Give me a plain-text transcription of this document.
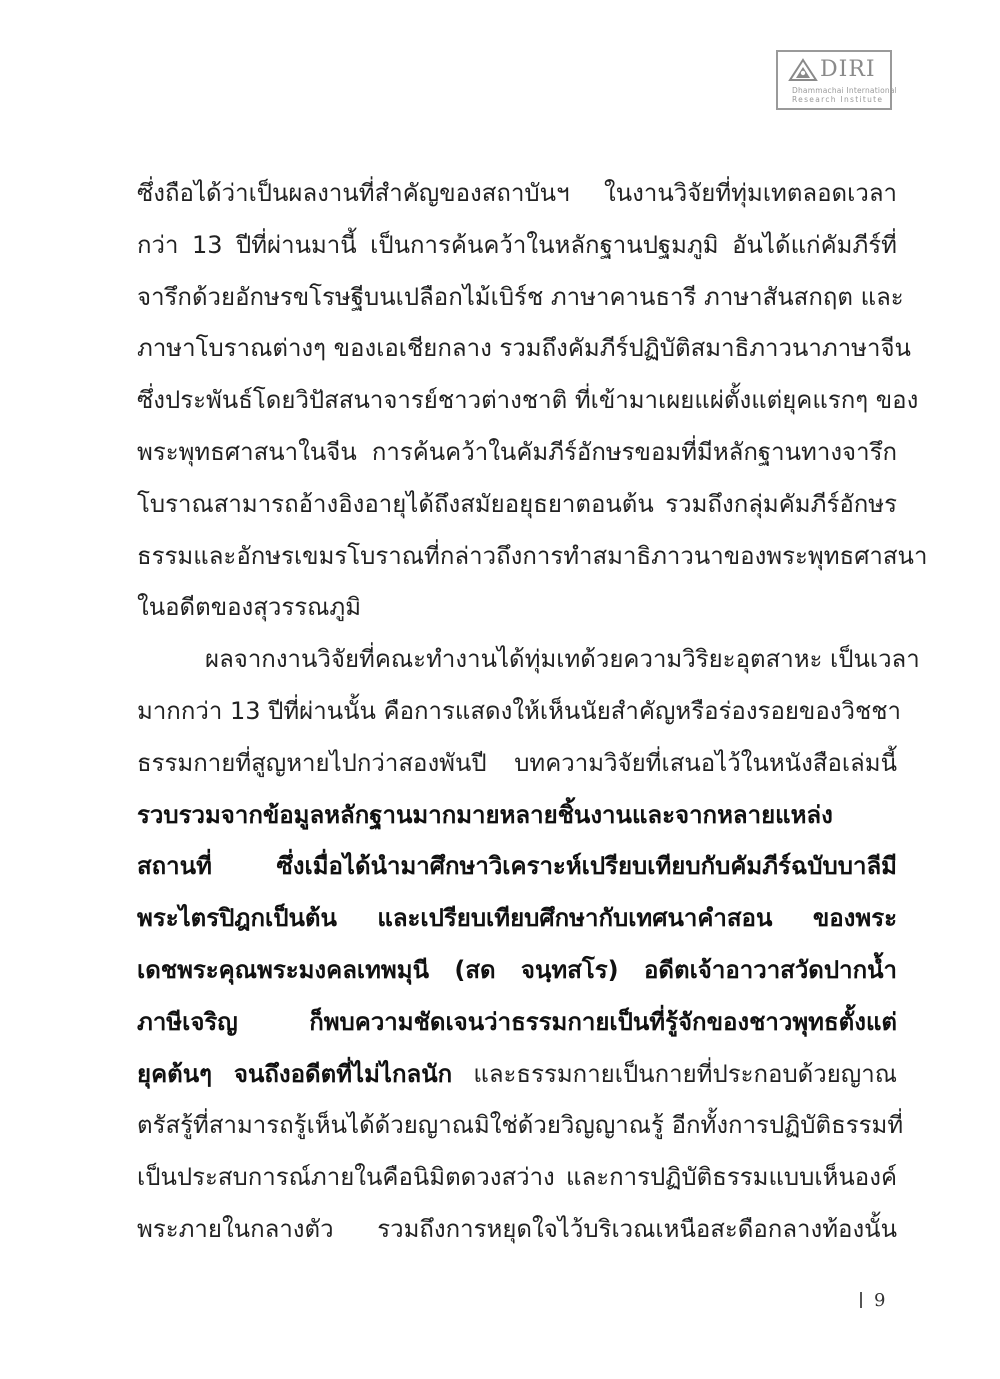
DIRI
Dhammachai International
Research Institute
ซึ่งถือได้ว่าเป็นผลงานที่สำคัญของสถาบันฯ ในงานวิจัยที่ทุ่มเทตลอดเวลา
กว่า 13 ปีที่ผ่านมานี้ เป็นการค้นคว้าในหลักฐานปฐมภูมิ อันได้แก่คัมภีร์ที่
จารึกด้วยอักษรขโรษฐีบนเปลือกไม้เบิร์ช ภาษาคานธารี ภาษาสันสกฤต และ
ภาษาโบราณต่างๆ ของเอเชียกลาง รวมถึงคัมภีร์ปฏิบัติสมาธิภาวนาภาษาจีน
ซึ่งประพันธ์โดยวิปัสสนาจารย์ชาวต่างชาติ ที่เข้ามาเผยแผ่ตั้งแต่ยุคแรกๆ ของ
พระพุทธศาสนาในจีน การค้นคว้าในคัมภีร์อักษรขอมที่มีหลักฐานทางจารึก
โบราณสามารถอ้างอิงอายุได้ถึงสมัยอยุธยาตอนต้น รวมถึงกลุ่มคัมภีร์อักษร
ธรรมและอักษรเขมรโบราณที่กล่าวถึงการทำสมาธิภาวนาของพระพุทธศาสนา
ในอดีตของสุวรรณภูมิ
ผลจากงานวิจัยที่คณะทำงานได้ทุ่มเทด้วยความวิริยะอุตสาหะ เป็นเวลา
มากกว่า 13 ปีที่ผ่านนั้น คือการแสดงให้เห็นนัยสำคัญหรือร่องรอยของวิชชา
ธรรมกายที่สูญหายไปกว่าสองพันปี บทความวิจัยที่เสนอไว้ในหนังสือเล่มนี้
รวบรวมจากข้อมูลหลักฐานมากมายหลายชิ้นงานและจากหลายแหล่ง
สถานที่ ซึ่งเมื่อได้นำมาศึกษาวิเคราะห์เปรียบเทียบกับคัมภีร์ฉบับบาลีมี
พระไตรปิฎกเป็นต้น และเปรียบเทียบศึกษากับเทศนาคำสอน ของพระ
เดชพระคุณพระมงคลเทพมุนี (สด จนฺทสโร) อดีตเจ้าอาวาสวัดปากน้ำ
ภาษีเจริญ ก็พบความชัดเจนว่าธรรมกายเป็นที่รู้จักของชาวพุทธตั้งแต่
ยุคต้นๆ จนถึงอดีตที่ไม่ไกลนัก และธรรมกายเป็นกายที่ประกอบด้วยญาณ
ตรัสรู้ที่สามารถรู้เห็นได้ด้วยญาณมิใช่ด้วยวิญญาณรู้ อีกทั้งการปฏิบัติธรรมที่
เป็นประสบการณ์ภายในคือนิมิตดวงสว่าง และการปฏิบัติธรรมแบบเห็นองค์
พระภายในกลางตัว รวมถึงการหยุดใจไว้บริเวณเหนือสะดือกลางท้องนั้น
9
